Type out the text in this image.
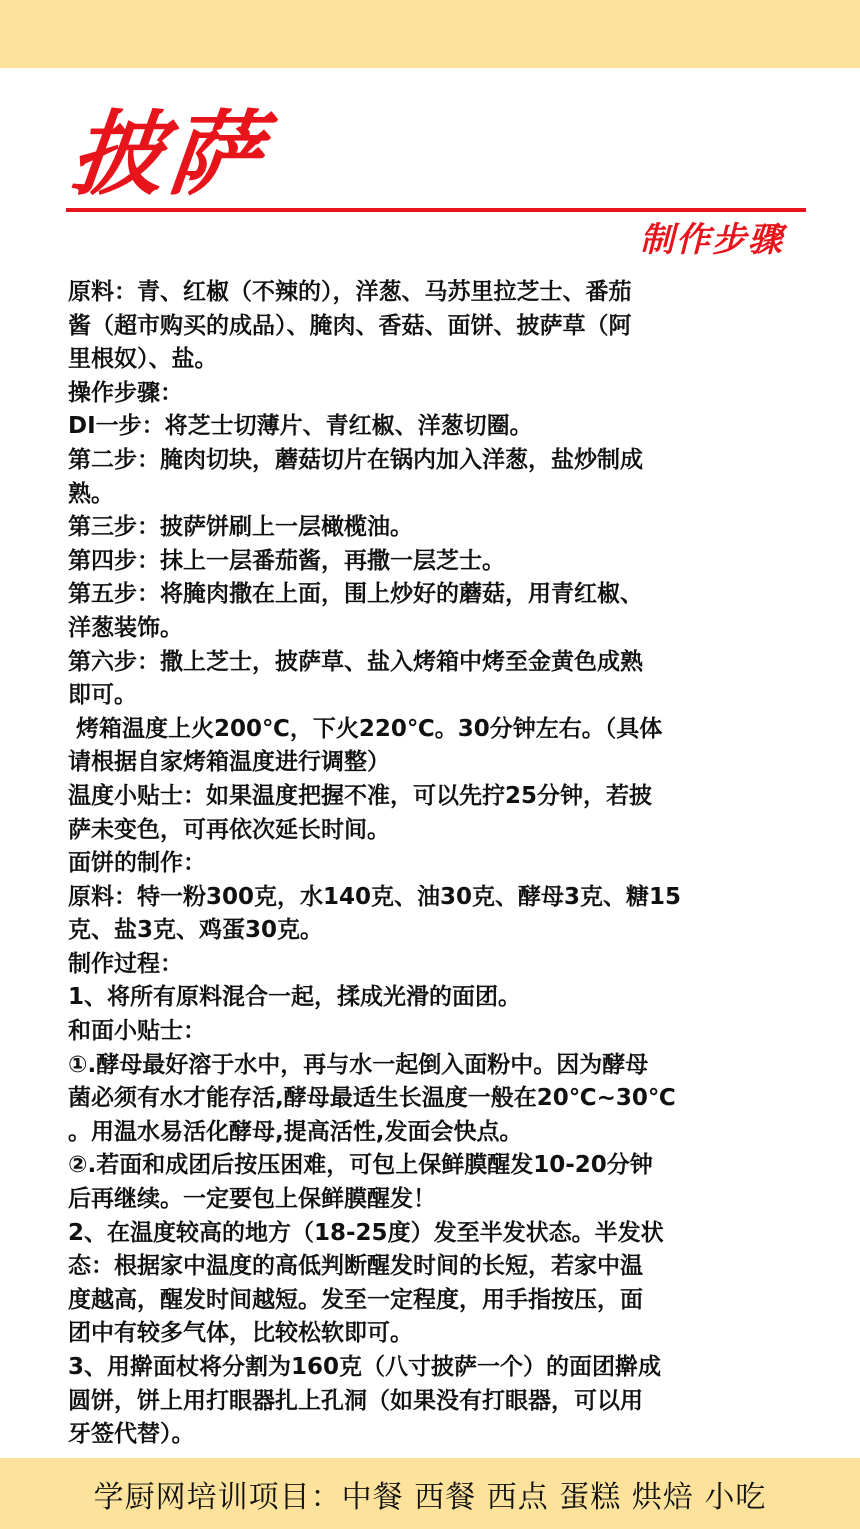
披萨
制作步骤
原料：青、红椒（不辣的），洋葱、马苏里拉芝士、番茄
酱（超市购买的成品）、腌肉、香菇、面饼、披萨草（阿
里根奴）、盐。
操作步骤：
DI一步：将芝士切薄片、青红椒、洋葱切圈。
第二步：腌肉切块，蘑菇切片在锅内加入洋葱，盐炒制成
熟。
第三步：披萨饼刷上一层橄榄油。
第四步：抹上一层番茄酱，再撒一层芝士。
第五步：将腌肉撒在上面，围上炒好的蘑菇，用青红椒、
洋葱装饰。
第六步：撒上芝士，披萨草、盐入烤箱中烤至金黄色成熟
即可。
烤箱温度上火200℃，下火220℃。30分钟左右。（具体
请根据自家烤箱温度进行调整）
温度小贴士：如果温度把握不准，可以先拧25分钟，若披
萨未变色，可再依次延长时间。
面饼的制作：
原料：特一粉300克，水140克、油30克、酵母3克、糖15
克、盐3克、鸡蛋30克。
制作过程：
1、将所有原料混合一起，揉成光滑的面团。
和面小贴士：
①.酵母最好溶于水中，再与水一起倒入面粉中。因为酵母
菌必须有水才能存活,酵母最适生长温度一般在20℃~30℃
。用温水易活化酵母,提高活性,发面会快点。
②.若面和成团后按压困难，可包上保鲜膜醒发10-20分钟
后再继续。一定要包上保鲜膜醒发！
2、在温度较高的地方（18-25度）发至半发状态。半发状
态：根据家中温度的高低判断醒发时间的长短，若家中温
度越高，醒发时间越短。发至一定程度，用手指按压，面
团中有较多气体，比较松软即可。
3、用擀面杖将分割为160克（八寸披萨一个）的面团擀成
圆饼，饼上用打眼器扎上孔洞（如果没有打眼器，可以用
牙签代替）。
学厨网培训项目：中餐 西餐 西点 蛋糕 烘焙 小吃
